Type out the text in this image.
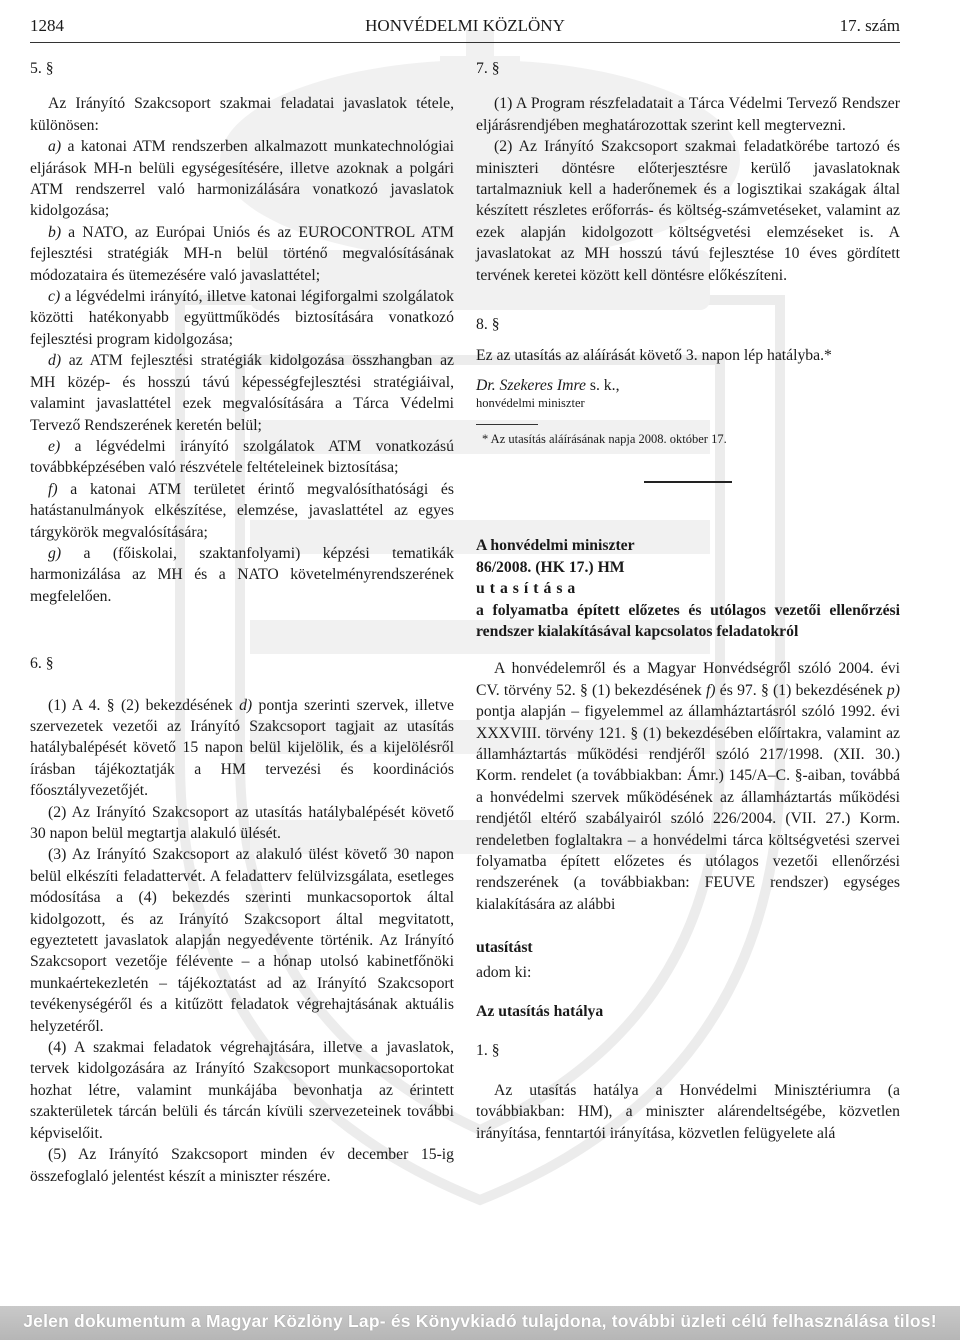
1284	HONVÉDELMI KÖZLÖNY	17. szám

5. §

Az Irányító Szakcsoport szakmai feladatai javaslatok tétele, különösen:

a) a katonai ATM rendszerben alkalmazott munkatechnológiai eljárások MH-n belüli egységesítésére, illetve azoknak a polgári ATM rendszerrel való harmonizálására vonatkozó javaslatok kidolgozása;

b) a NATO, az Európai Uniós és az EUROCONTROL ATM fejlesztési stratégiák MH-n belül történő megvalósításának módozataira és ütemezésére való javaslattétel;

c) a légvédelmi irányító, illetve katonai légiforgalmi szolgálatok közötti hatékonyabb együttműködés biztosítására vonatkozó fejlesztési program kidolgozása;

d) az ATM fejlesztési stratégiák kidolgozása összhangban az MH közép- és hosszú távú képességfejlesztési stratégiáival, valamint javaslattétel ezek megvalósítására a Tárca Védelmi Tervező Rendszerének keretén belül;

e) a légvédelmi irányító szolgálatok ATM vonatkozású továbbképzésében való részvétele feltételeinek biztosítása;

f) a katonai ATM területet érintő megvalósíthatósági és hatástanulmányok elkészítése, elemzése, javaslattétel az egyes tárgykörök megvalósítására;

g) a (főiskolai, szaktanfolyami) képzési tematikák harmonizálása az MH és a NATO követelményrendszerének megfelelően.

6. §

(1) A 4. § (2) bekezdésének d) pontja szerinti szervek, illetve szervezetek vezetői az Irányító Szakcsoport tagjait az utasítás hatálybalépését követő 15 napon belül kijelölik, és a kijelölésről írásban tájékoztatják a HM tervezési és koordinációs főosztályvezetőjét.

(2) Az Irányító Szakcsoport az utasítás hatálybalépését követő 30 napon belül megtartja alakuló ülését.

(3) Az Irányító Szakcsoport az alakuló ülést követő 30 napon belül elkészíti feladattervét. A feladatterv felülvizsgálata, esetleges módosítása a (4) bekezdés szerinti munkacsoportok által kidolgozott, és az Irányító Szakcsoport által megvitatott, egyeztetett javaslatok alapján negyedévente történik. Az Irányító Szakcsoport vezetője félévente – a hónap utolsó kabinetfőnöki munkaértekezletén – tájékoztatást ad az Irányító Szakcsoport tevékenységéről és a kitűzött feladatok végrehajtásának aktuális helyzetéről.

(4) A szakmai feladatok végrehajtására, illetve a javaslatok, tervek kidolgozására az Irányító Szakcsoport munkacsoportokat hozhat létre, valamint munkájába bevonhatja az érintett szakterületek tárcán belüli és tárcán kívüli szervezeteinek további képviselőit.

(5) Az Irányító Szakcsoport minden év december 15-ig összefoglaló jelentést készít a miniszter részére.

7. §

(1) A Program részfeladatait a Tárca Védelmi Tervező Rendszer eljárásrendjében meghatározottak szerint kell megtervezni.

(2) Az Irányító Szakcsoport szakmai feladatkörébe tartozó és miniszteri döntésre előterjesztésre kerülő javaslatoknak tartalmazniuk kell a haderőnemek és a logisztikai szakágak által készített részletes erőforrás- és költség-számvetéseket, valamint az ezek alapján kidolgozott költségvetési elemzéseket is. A javaslatokat az MH hosszú távú fejlesztése 10 éves gördített tervének keretei között kell döntésre előkészíteni.

8. §

Ez az utasítás az aláírását követő 3. napon lép hatályba.*

Dr. Szekeres Imre s. k.,

honvédelmi miniszter

* Az utasítás aláírásának napja 2008. október 17.

A honvédelmi miniszter

86/2008. (HK 17.) HM

utasítása

a folyamatba épített előzetes és utólagos vezetői ellenőrzési rendszer kialakításával kapcsolatos feladatokról

A honvédelemről és a Magyar Honvédségről szóló 2004. évi CV. törvény 52. § (1) bekezdésének f) és 97. § (1) bekezdésének p) pontja alapján – figyelemmel az államháztartásról szóló 1992. évi XXXVIII. törvény 121. § (1) bekezdésében előírtakra, valamint az államháztartás működési rendjéről szóló 217/1998. (XII. 30.) Korm. rendelet (a továbbiakban: Ámr.) 145/A–C. §-aiban, továbbá a honvédelmi szervek működésének az államháztartás működési rendjétől eltérő szabályairól szóló 226/2004. (VII. 27.) Korm. rendeletben foglaltakra – a honvédelmi tárca költségvetési szervei folyamatba épített előzetes és utólagos vezetői ellenőrzési rendszerének (a továbbiakban: FEUVE rendszer) egységes kialakítására az alábbi

utasítást

adom ki:

Az utasítás hatálya

1. §

Az utasítás hatálya a Honvédelmi Minisztériumra (a továbbiakban: HM), a miniszter alárendeltségébe, közvetlen irányítása, fenntartói irányítása, közvetlen felügyelete alá

Jelen dokumentum a Magyar Közlöny Lap- és Könyvkiadó tulajdona, további üzleti célú felhasználása tilos!
